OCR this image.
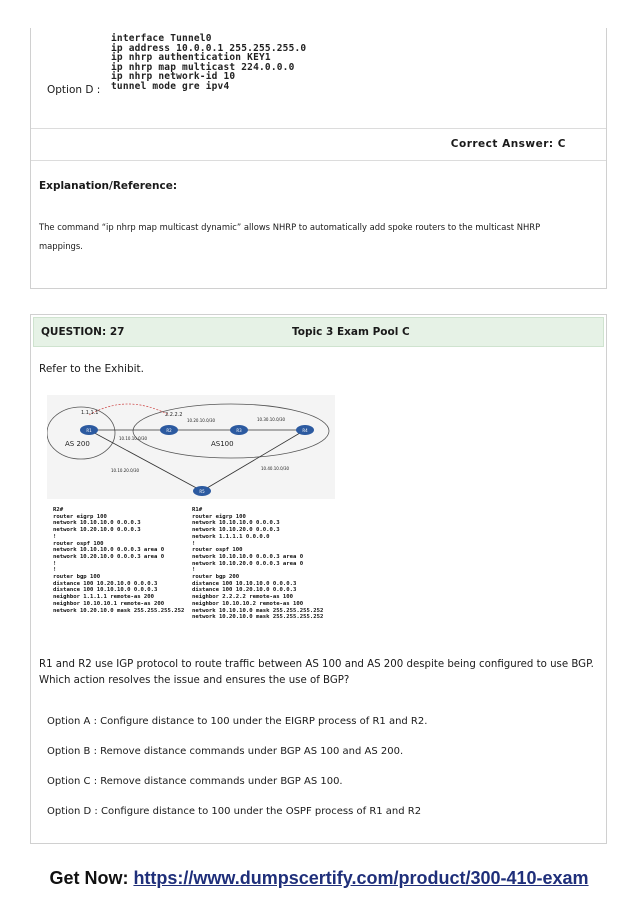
interface Tunnel0
ip address 10.0.0.1 255.255.255.0
ip nhrp authentication KEY1
ip nhrp map multicast 224.0.0.0
ip nhrp network-id 10
tunnel mode gre ipv4
Option D :
Correct Answer: C
Explanation/Reference:
The command “ip nhrp map multicast dynamic” allows NHRP to automatically add spoke routers to the multicast NHRP
mappings.
QUESTION: 27	Topic 3 Exam Pool C
Refer to the Exhibit.
R1	R2	R3	R4
R5
1.1.1.1	2.2.2.2
AS 200	AS100
10.20.10.0/30	10.30.10.0/30
10.10.10.0/30
10.10.20.0/30	10.40.10.0/30
R2#
router eigrp 100
network 10.10.10.0 0.0.0.3
network 10.20.10.0 0.0.0.3
!
router ospf 100
network 10.10.10.0 0.0.0.3 area 0
network 10.20.10.0 0.0.0.3 area 0
!
!
router bgp 100
distance 100 10.20.10.0 0.0.0.3
distance 100 10.10.10.0 0.0.0.3
neighbor 1.1.1.1 remote-as 200
neighbor 10.10.10.1 remote-as 200
network 10.20.10.0 mask 255.255.255.252
R1#
router eigrp 100
network 10.10.10.0 0.0.0.3
network 10.10.20.0 0.0.0.3
network 1.1.1.1 0.0.0.0
!
router ospf 100
network 10.10.10.0 0.0.0.3 area 0
network 10.10.20.0 0.0.0.3 area 0
!
router bgp 200
distance 100 10.10.10.0 0.0.0.3
distance 100 10.20.10.0 0.0.0.3
neighbor 2.2.2.2 remote-as 100
neighbor 10.10.10.2 remote-as 100
network 10.10.10.0 mask 255.255.255.252
network 10.20.10.0 mask 255.255.255.252
R1 and R2 use IGP protocol to route traffic between AS 100 and AS 200 despite being configured to use BGP.
Which action resolves the issue and ensures the use of BGP?
Option A : Configure distance to 100 under the EIGRP process of R1 and R2.
Option B : Remove distance commands under BGP AS 100 and AS 200.
Option C : Remove distance commands under BGP AS 100.
Option D : Configure distance to 100 under the OSPF process of R1 and R2
Get Now: https://www.dumpscertify.com/product/300-410-exam
